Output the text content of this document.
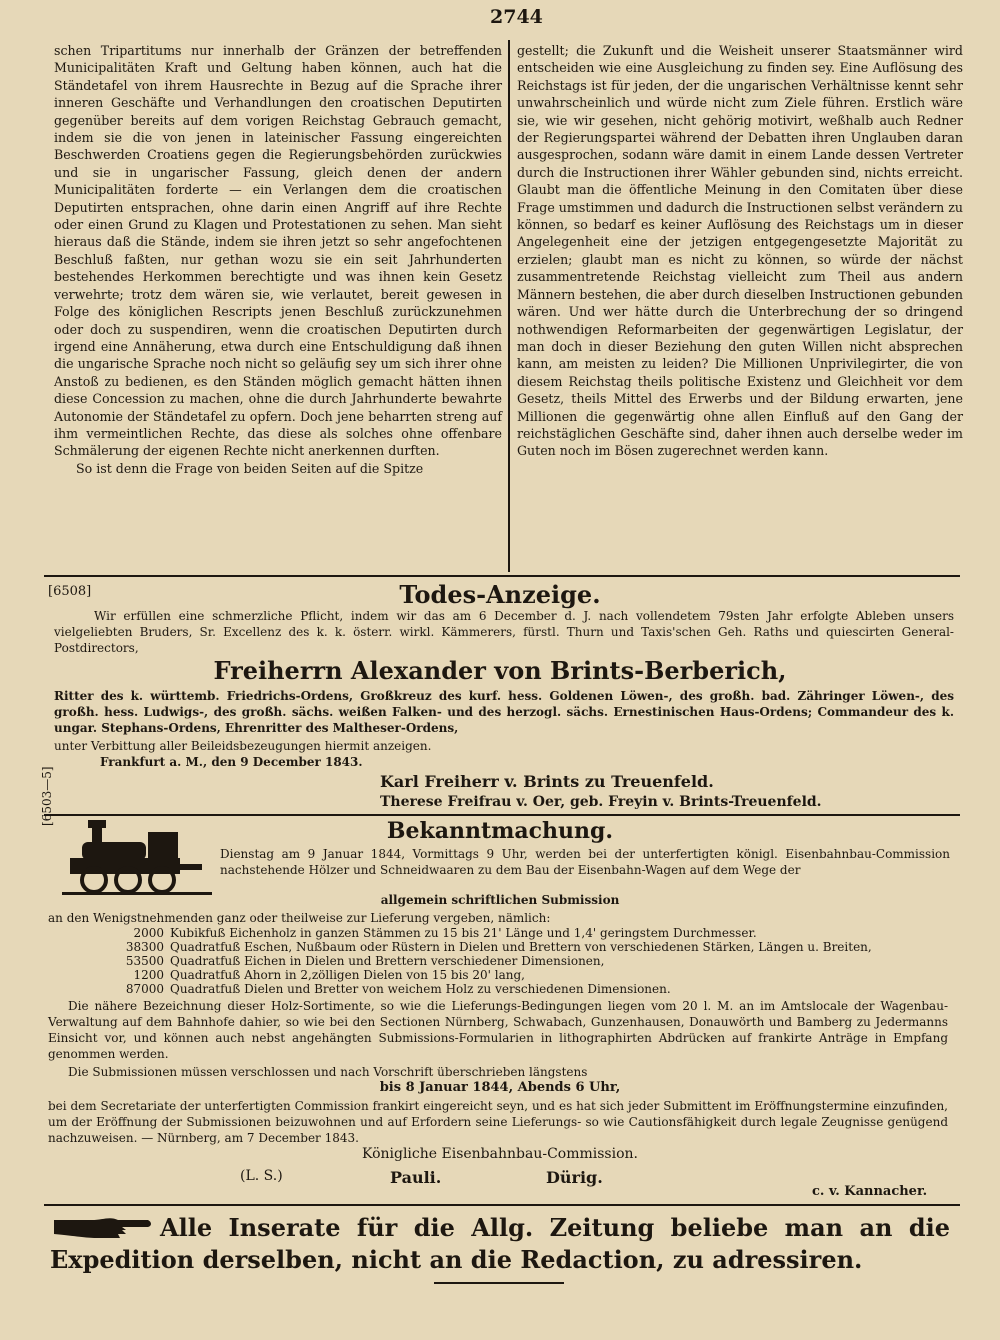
2744

schen Tripartitums nur innerhalb der Gränzen der betreffenden Municipalitäten Kraft und Geltung haben können, auch hat die Ständetafel von ihrem Hausrechte in Bezug auf die Sprache ihrer inneren Geschäfte und Verhandlungen den croatischen Deputirten gegenüber bereits auf dem vorigen Reichstag Gebrauch gemacht, indem sie die von jenen in lateinischer Fassung eingereichten Beschwerden Croatiens gegen die Regierungsbehörden zurückwies und sie in ungarischer Fassung, gleich denen der andern Municipalitäten forderte — ein Verlangen dem die croatischen Deputirten entsprachen, ohne darin einen Angriff auf ihre Rechte oder einen Grund zu Klagen und Protestationen zu sehen. Man sieht hieraus daß die Stände, indem sie ihren jetzt so sehr angefochtenen Beschluß faßten, nur gethan wozu sie ein seit Jahrhunderten bestehendes Herkommen berechtigte und was ihnen kein Gesetz verwehrte; trotz dem wären sie, wie verlautet, bereit gewesen in Folge des königlichen Rescripts jenen Beschluß zurückzunehmen oder doch zu suspendiren, wenn die croatischen Deputirten durch irgend eine Annäherung, etwa durch eine Entschuldigung daß ihnen die ungarische Sprache noch nicht so geläufig sey um sich ihrer ohne Anstoß zu bedienen, es den Ständen möglich gemacht hätten ihnen diese Concession zu machen, ohne die durch Jahrhunderte bewahrte Autonomie der Ständetafel zu opfern. Doch jene beharrten streng auf ihm vermeintlichen Rechte, das diese als solches ohne offenbare Schmälerung der eigenen Rechte nicht anerkennen durften.

So ist denn die Frage von beiden Seiten auf die Spitze

gestellt; die Zukunft und die Weisheit unserer Staatsmänner wird entscheiden wie eine Ausgleichung zu finden sey. Eine Auflösung des Reichstags ist für jeden, der die ungarischen Verhältnisse kennt sehr unwahrscheinlich und würde nicht zum Ziele führen. Erstlich wäre sie, wie wir gesehen, nicht gehörig motivirt, weßhalb auch Redner der Regierungspartei während der Debatten ihren Unglauben daran ausgesprochen, sodann wäre damit in einem Lande dessen Vertreter durch die Instructionen ihrer Wähler gebunden sind, nichts erreicht. Glaubt man die öffentliche Meinung in den Comitaten über diese Frage umstimmen und dadurch die Instructionen selbst verändern zu können, so bedarf es keiner Auflösung des Reichstags um in dieser Angelegenheit eine der jetzigen entgegengesetzte Majorität zu erzielen; glaubt man es nicht zu können, so würde der nächst zusammentretende Reichstag vielleicht zum Theil aus andern Männern bestehen, die aber durch dieselben Instructionen gebunden wären. Und wer hätte durch die Unterbrechung der so dringend nothwendigen Reformarbeiten der gegenwärtigen Legislatur, der man doch in dieser Beziehung den guten Willen nicht absprechen kann, am meisten zu leiden? Die Millionen Unprivilegirter, die von diesem Reichstag theils politische Existenz und Gleichheit vor dem Gesetz, theils Mittel des Erwerbs und der Bildung erwarten, jene Millionen die gegenwärtig ohne allen Einfluß auf den Gang der reichstäglichen Geschäfte sind, daher ihnen auch derselbe weder im Guten noch im Bösen zugerechnet werden kann.

[6508]	Todes-Anzeige.
Wir erfüllen eine schmerzliche Pflicht, indem wir das am 6 December d. J. nach vollendetem 79sten Jahr erfolgte Ableben unsers vielgeliebten Bruders, Sr. Excellenz des k. k. österr. wirkl. Kämmerers, fürstl. Thurn und Taxis'schen Geh. Raths und quiescirten General-Postdirectors,
Freiherrn Alexander von Brints-Berberich,
Ritter des k. württemb. Friedrichs-Ordens, Großkreuz des kurf. hess. Goldenen Löwen-, des großh. bad. Zähringer Löwen-, des großh. hess. Ludwigs-, des großh. sächs. weißen Falken- und des herzogl. sächs. Ernestinischen Haus-Ordens; Commandeur des k. ungar. Stephans-Ordens, Ehrenritter des Maltheser-Ordens,
unter Verbittung aller Beileidsbezeugungen hiermit anzeigen.
Frankfurt a. M., den 9 December 1843.
Karl Freiherr v. Brints zu Treuenfeld.
Therese Freifrau v. Oer, geb. Freyin v. Brints-Treuenfeld.
[6503—5]
Bekanntmachung.
Dienstag am 9 Januar 1844, Vormittags 9 Uhr, werden bei der unterfertigten königl. Eisenbahnbau-Commission nachstehende Hölzer und Schneidwaaren zu dem Bau der Eisenbahn-Wagen auf dem Wege der
allgemein schriftlichen Submission
an den Wenigstnehmenden ganz oder theilweise zur Lieferung vergeben, nämlich:
2000 Kubikfuß Eichenholz in ganzen Stämmen zu 15 bis 21' Länge und 1,4' geringstem Durchmesser.
38300 Quadratfuß Eschen, Nußbaum oder Rüstern in Dielen und Brettern von verschiedenen Stärken, Längen u. Breiten,
53500 Quadratfuß Eichen in Dielen und Brettern verschiedener Dimensionen,
1200 Quadratfuß Ahorn in 2,zölligen Dielen von 15 bis 20' lang,
87000 Quadratfuß Dielen und Bretter von weichem Holz zu verschiedenen Dimensionen.
Die nähere Bezeichnung dieser Holz-Sortimente, so wie die Lieferungs-Bedingungen liegen vom 20 l. M. an im Amtslocale der Wagenbau-Verwaltung auf dem Bahnhofe dahier, so wie bei den Sectionen Nürnberg, Schwabach, Gunzenhausen, Donauwörth und Bamberg zu Jedermanns Einsicht vor, und können auch nebst angehängten Submissions-Formularien in lithographirten Abdrücken auf frankirte Anträge in Empfang genommen werden.
Die Submissionen müssen verschlossen und nach Vorschrift überschrieben längstens
bis 8 Januar 1844, Abends 6 Uhr,
bei dem Secretariate der unterfertigten Commission frankirt eingereicht seyn, und es hat sich jeder Submittent im Eröffnungstermine einzufinden, um der Eröffnung der Submissionen beizuwohnen und auf Erfordern seine Lieferungs- so wie Cautionsfähigkeit durch legale Zeugnisse genügend nachzuweisen. — Nürnberg, am 7 December 1843.
Königliche Eisenbahnbau-Commission.
(L. S.)	Pauli.	Dürig.
c. v. Kannacher.
Alle Inserate für die Allg. Zeitung beliebe man an die Expedition derselben, nicht an die Redaction, zu adressiren.
